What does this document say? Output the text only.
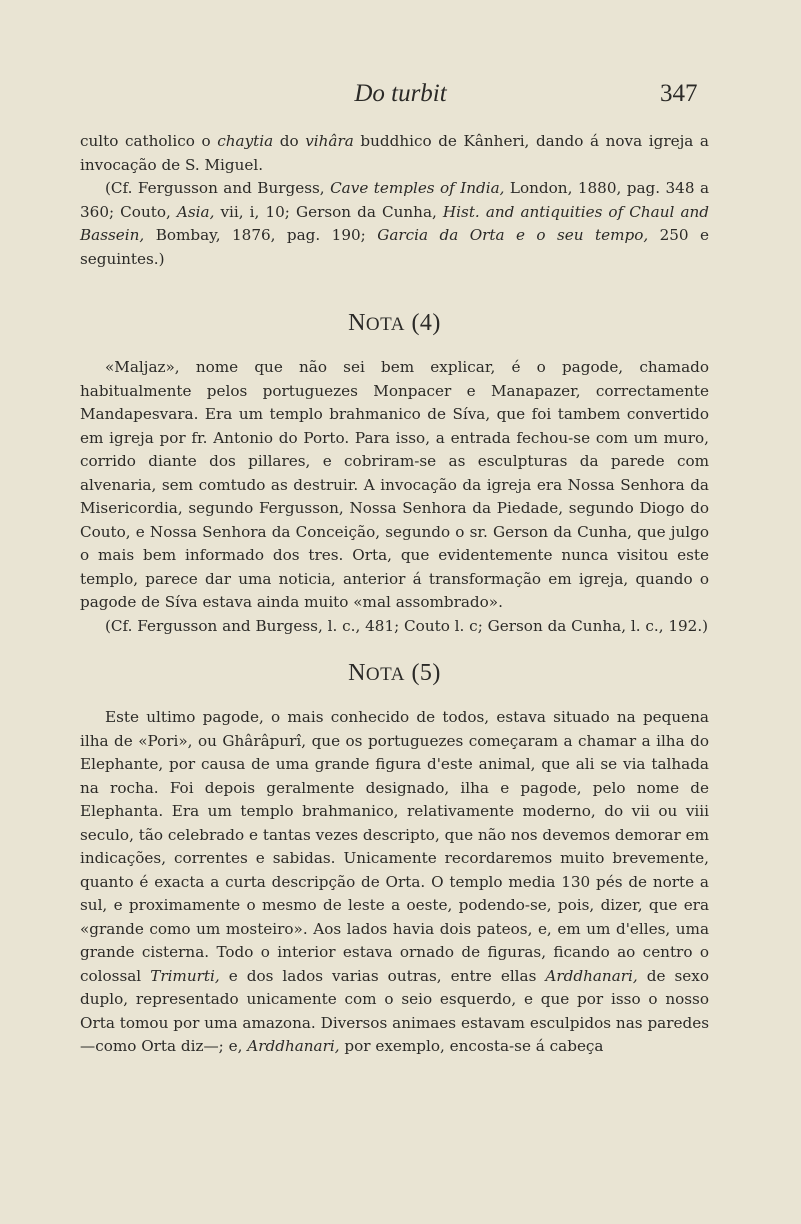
Do turbit	347

culto catholico o chaytia do vihâra buddhico de Kânheri, dando á nova igreja a invocação de S. Miguel.

(Cf. Fergusson and Burgess, Cave temples of India, London, 1880, pag. 348 a 360; Couto, Asia, vii, i, 10; Gerson da Cunha, Hist. and antiquities of Chaul and Bassein, Bombay, 1876, pag. 190; Garcia da Orta e o seu tempo, 250 e seguintes.)

NOTA (4)

«Maljaz», nome que não sei bem explicar, é o pagode, chamado habitualmente pelos portuguezes Monpacer e Manapazer, correctamente Mandapesvara. Era um templo brahmanico de Síva, que foi tambem convertido em igreja por fr. Antonio do Porto. Para isso, a entrada fechou-se com um muro, corrido diante dos pillares, e cobriram-se as esculpturas da parede com alvenaria, sem comtudo as destruir. A invocação da igreja era Nossa Senhora da Misericordia, segundo Fergusson, Nossa Senhora da Piedade, segundo Diogo do Couto, e Nossa Senhora da Conceição, segundo o sr. Gerson da Cunha, que julgo o mais bem informado dos tres. Orta, que evidentemente nunca visitou este templo, parece dar uma noticia, anterior á transformação em igreja, quando o pagode de Síva estava ainda muito «mal assombrado».

(Cf. Fergusson and Burgess, l. c., 481; Couto l. c; Gerson da Cunha, l. c., 192.)

NOTA (5)

Este ultimo pagode, o mais conhecido de todos, estava situado na pequena ilha de «Pori», ou Ghârâpurî, que os portuguezes começaram a chamar a ilha do Elephante, por causa de uma grande figura d'este animal, que ali se via talhada na rocha. Foi depois geralmente designado, ilha e pagode, pelo nome de Elephanta. Era um templo brahmanico, relativamente moderno, do vii ou viii seculo, tão celebrado e tantas vezes descripto, que não nos devemos demorar em indicações, correntes e sabidas. Unicamente recordaremos muito brevemente, quanto é exacta a curta descripção de Orta. O templo media 130 pés de norte a sul, e proximamente o mesmo de leste a oeste, podendo-se, pois, dizer, que era «grande como um mosteiro». Aos lados havia dois pateos, e, em um d'elles, uma grande cisterna. Todo o interior estava ornado de figuras, ficando ao centro o colossal Trimurti, e dos lados varias outras, entre ellas Arddhanari, de sexo duplo, representado unicamente com o seio esquerdo, e que por isso o nosso Orta tomou por uma amazona. Diversos animaes estavam esculpidos nas paredes —como Orta diz—; e, Arddhanari, por exemplo, encosta-se á cabeça
